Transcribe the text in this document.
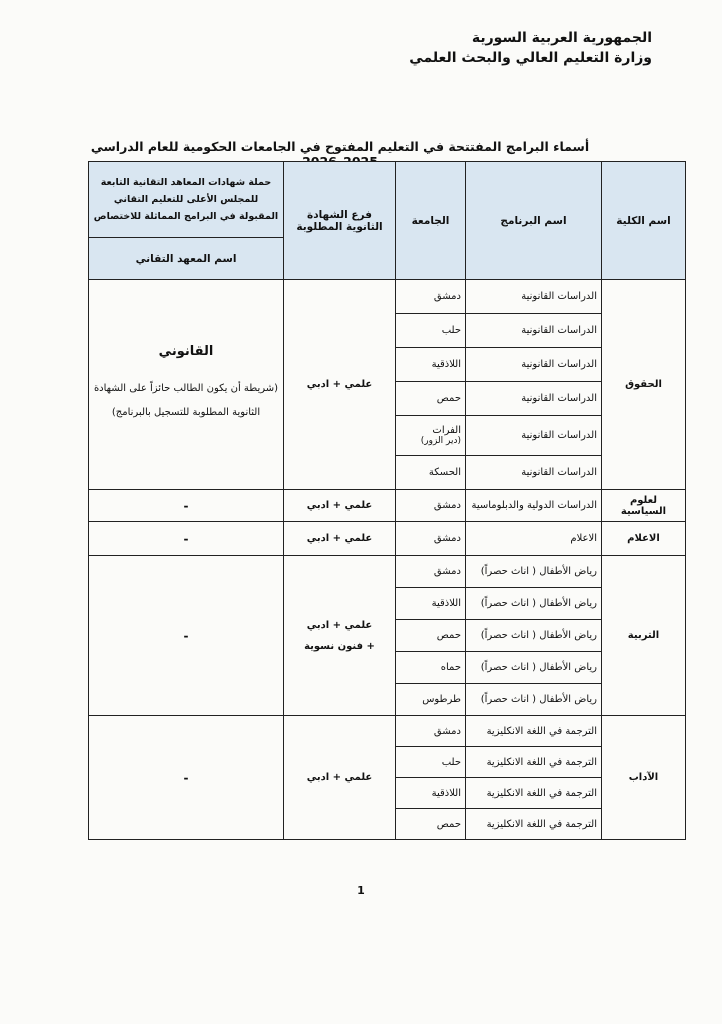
الجمهورية العربية السورية
وزارة التعليم العالي والبحث العلمي
أسماء البرامج المفتتحة في التعليم المفتوح في الجامعات الحكومية للعام الدراسي
اسم الكلية	اسم البرنامج	الجامعة	فرع الشهادة الثانوية المطلوبة	حملة شهادات المعاهد التقانية التابعة للمجلس الأعلى للتعليم التقاني المقبولة في البرامج المماثلة للاختصاص
				اسم المعهد التقاني
الحقوق	الدراسات القانونية	دمشق	علمي + ادبي	القانوني
(شريطة أن يكون الطالب حائزاً على الشهادة الثانوية المطلوبة للتسجيل بالبرنامج)

	الدراسات القانونية	حلب		
	الدراسات القانونية	اللاذقية		
	الدراسات القانونية	حمص		
	الدراسات القانونية	الفرات
(دير الزور)		

	الدراسات القانونية	الحسكة		
لعلوم السياسية	الدراسات الدولية والدبلوماسية	دمشق	علمي + ادبي	-
الاعلام	الاعلام	دمشق	علمي + ادبي	-
التربية	رياض الأطفال ( اناث حصراً)	دمشق	علمي + ادبي
+ فنون نسوية	-
	رياض الأطفال ( اناث حصراً)	اللاذقية		
	رياض الأطفال ( اناث حصراً)	حمص		
	رياض الأطفال ( اناث حصراً)	حماه		
	رياض الأطفال ( اناث حصراً)	طرطوس		
الآداب	الترجمة في اللغة الانكليزية	دمشق	علمي + ادبي	-
	الترجمة في اللغة الانكليزية	حلب		
	الترجمة في اللغة الانكليزية	اللاذقية		
	الترجمة في اللغة الانكليزية	حمص		
1
